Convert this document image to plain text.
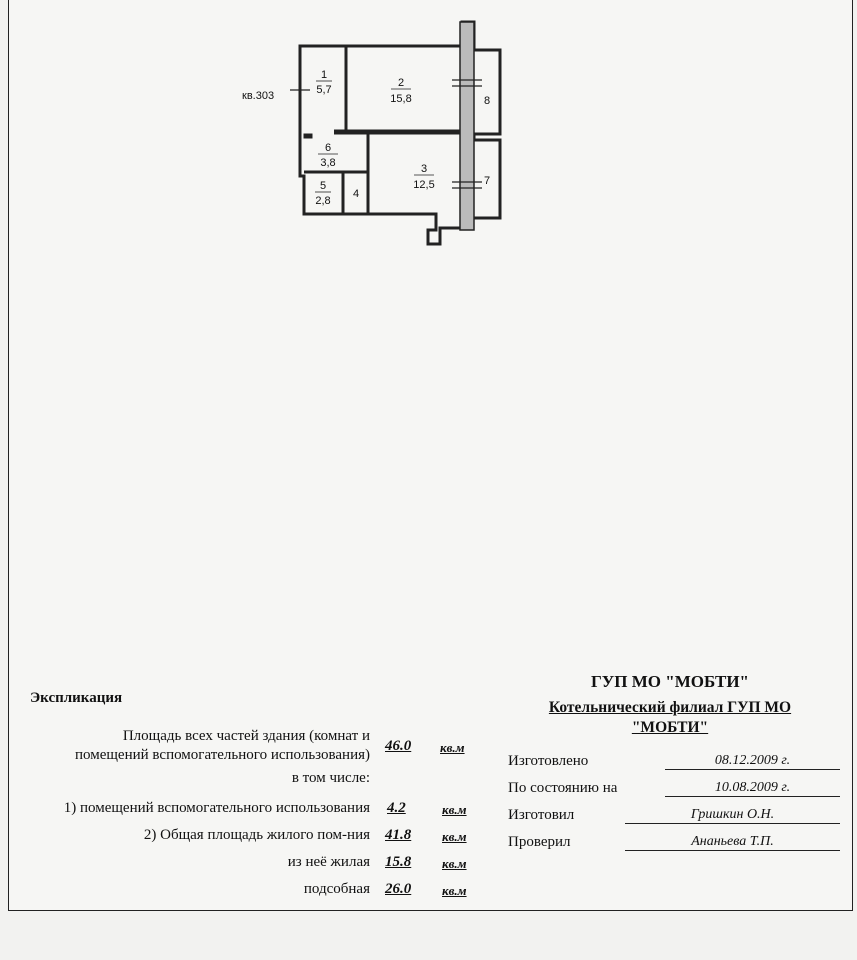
кв.303
1
5,7
2
15,8
3
12,5
4
5
2,8
6
3,8
7
8
Экспликация
Площадь всех частей здания (комнат и
помещений вспомогательного использования)
46.0 кв.м
в том числе:
1) помещений вспомогательного использования 4.2	кв.м
2) Общая площадь жилого пом-ния 41.8 кв.м
из неё жилая 15.8 кв.м
подсобная 26.0 кв.м
ГУП МО "МОБТИ"
Котельнический филиал ГУП МО
"МОБТИ"
Изготовлено	08.12.2009 г.
По состоянию на	10.08.2009 г.
Изготовил	Гришкин О.Н.
Проверил	Ананьева Т.П.
